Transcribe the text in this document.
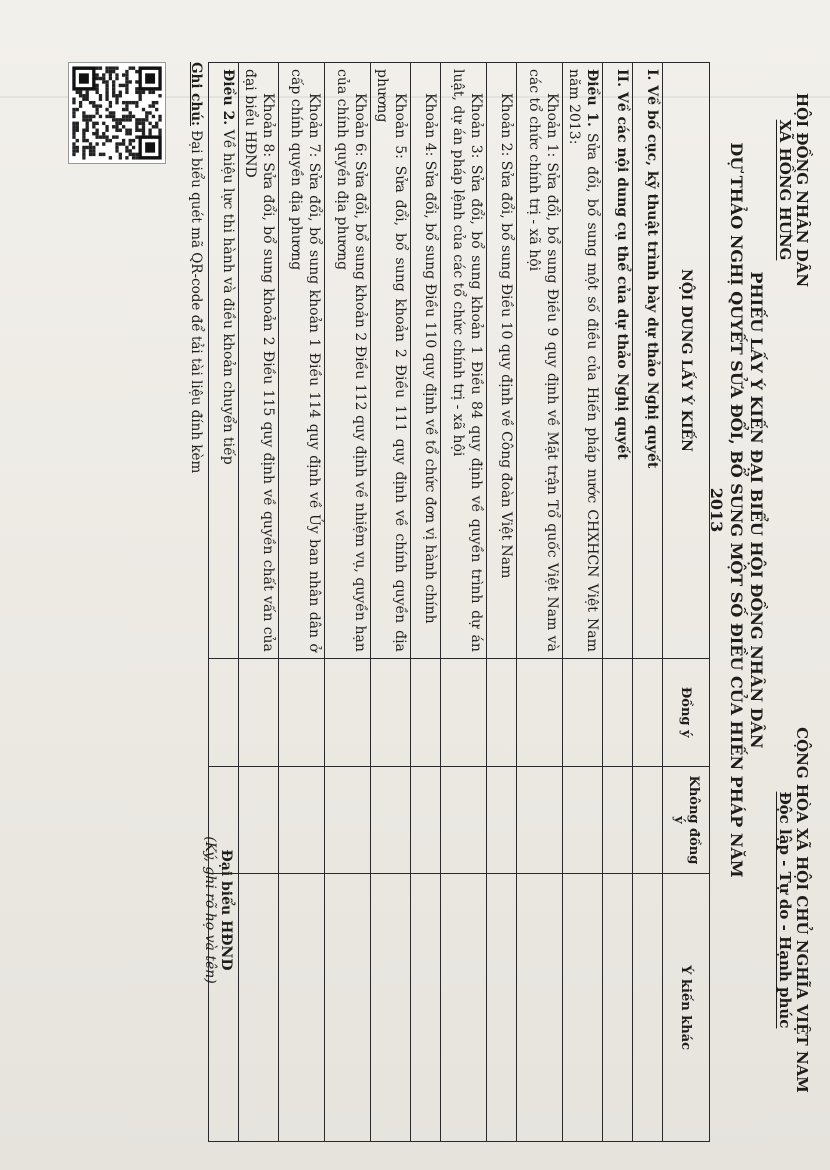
HỘI ĐỒNG NHÂN DÂN
XÃ HỒNG HƯNG
CỘNG HÒA XÃ HỘI CHỦ NGHĨA VIỆT NAM
Độc lập - Tự do - Hạnh phúc
PHIẾU LẤY Ý KIẾN ĐẠI BIỂU HỘI ĐỒNG NHÂN DÂN
DỰ THẢO NGHỊ QUYẾT SỬA ĐỔI, BỔ SUNG MỘT SỐ ĐIỀU CỦA HIẾN PHÁP NĂM 2013
NỘI DUNG LẤY Ý KIẾN	Đồng ý	Không đồng ý	Ý kiến khác
I. Về bố cục, kỹ thuật trình bày dự thảo Nghị quyết			
II. Về các nội dung cụ thể của dự thảo Nghị quyết			
Điều 1. Sửa đổi, bổ sung một số điều của Hiến pháp nước CHXHCN Việt Nam năm 2013:			
Khoản 1: Sửa đổi, bổ sung Điều 9 quy định về Mặt trận Tổ quốc Việt Nam và các tổ chức chính trị - xã hội			
Khoản 2: Sửa đổi, bổ sung Điều 10 quy định về Công đoàn Việt Nam			
Khoản 3: Sửa đổi, bổ sung khoản 1 Điều 84 quy định về quyền trình dự án luật, dự án pháp lệnh của các tổ chức chính trị - xã hội			
Khoản 4: Sửa đổi, bổ sung Điều 110 quy định về tổ chức đơn vị hành chính			
Khoản 5: Sửa đổi, bổ sung khoản 2 Điều 111 quy định về chính quyền địa phương			
Khoản 6: Sửa đổi, bổ sung khoản 2 Điều 112 quy định về nhiệm vụ, quyền hạn của chính quyền địa phương			
Khoản 7: Sửa đổi, bổ sung khoản 1 Điều 114 quy định về Ủy ban nhân dân ở cấp chính quyền địa phương			
Khoản 8: Sửa đổi, bổ sung khoản 2 Điều 115 quy định về quyền chất vấn của đại biểu HĐND			
Điều 2. Về hiệu lực thi hành và điều khoản chuyển tiếp			
Đại biểu HĐND
(Ký, ghi rõ họ và tên)
Ghi chú: Đại biểu quét mã QR-code để tải tài liệu đính kèm
